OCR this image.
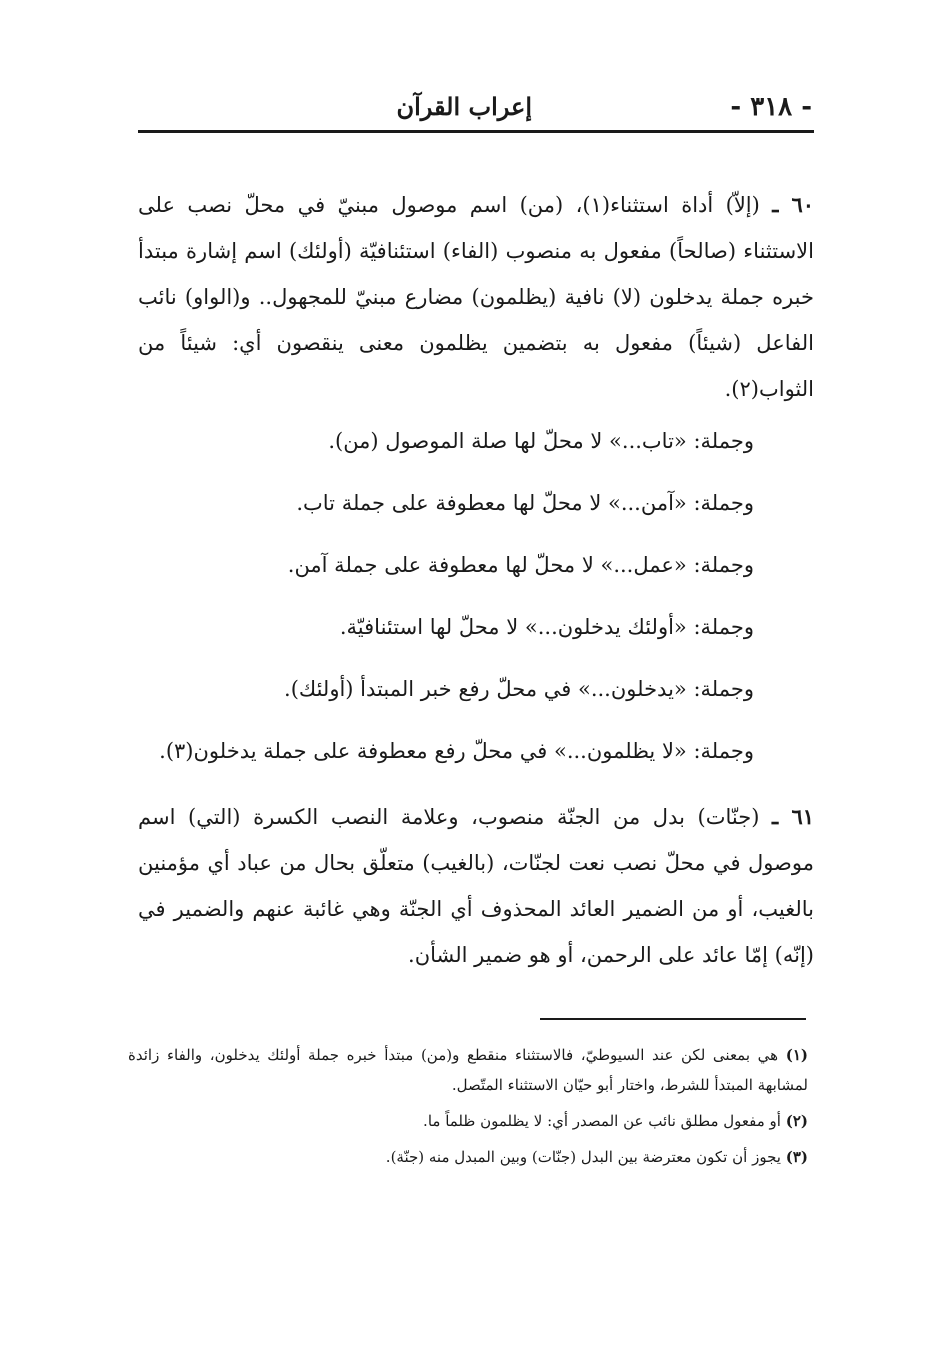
- ٣١٨ -
إعراب القرآن

٦٠ ـ (إلاّ) أداة استثناء(١)، (من) اسم موصول مبنيّ في محلّ نصب على الاستثناء (صالحاً) مفعول به منصوب (الفاء) استئنافيّة (أولئك) اسم إشارة مبتدأ خبره جملة يدخلون (لا) نافية (يظلمون) مضارع مبنيّ للمجهول.. و(الواو) نائب الفاعل (شيئاً) مفعول به بتضمين يظلمون معنى ينقصون أي: شيئاً من الثواب(٢).

وجملة: «تاب...» لا محلّ لها صلة الموصول (من).
وجملة: «آمن...» لا محلّ لها معطوفة على جملة تاب.
وجملة: «عمل...» لا محلّ لها معطوفة على جملة آمن.
وجملة: «أولئك يدخلون...» لا محلّ لها استئنافيّة.
وجملة: «يدخلون...» في محلّ رفع خبر المبتدأ (أولئك).
وجملة: «لا يظلمون...» في محلّ رفع معطوفة على جملة يدخلون(٣).

٦١ ـ (جنّات) بدل من الجنّة منصوب، وعلامة النصب الكسرة (التي) اسم موصول في محلّ نصب نعت لجنّات، (بالغيب) متعلّق بحال من عباد أي مؤمنين بالغيب، أو من الضمير العائد المحذوف أي الجنّة وهي غائبة عنهم والضمير في (إنّه) إمّا عائد على الرحمن، أو هو ضمير الشأن.

(١) هي بمعنى لكن عند السيوطيّ، فالاستثناء منقطع و(من) مبتدأ خبره جملة أولئك يدخلون، والفاء زائدة لمشابهة المبتدأ للشرط، واختار أبو حيّان الاستثناء المتّصل.

(٢) أو مفعول مطلق نائب عن المصدر أي: لا يظلمون ظلماً ما.

(٣) يجوز أن تكون معترضة بين البدل (جنّات) وبين المبدل منه (جنّة).
